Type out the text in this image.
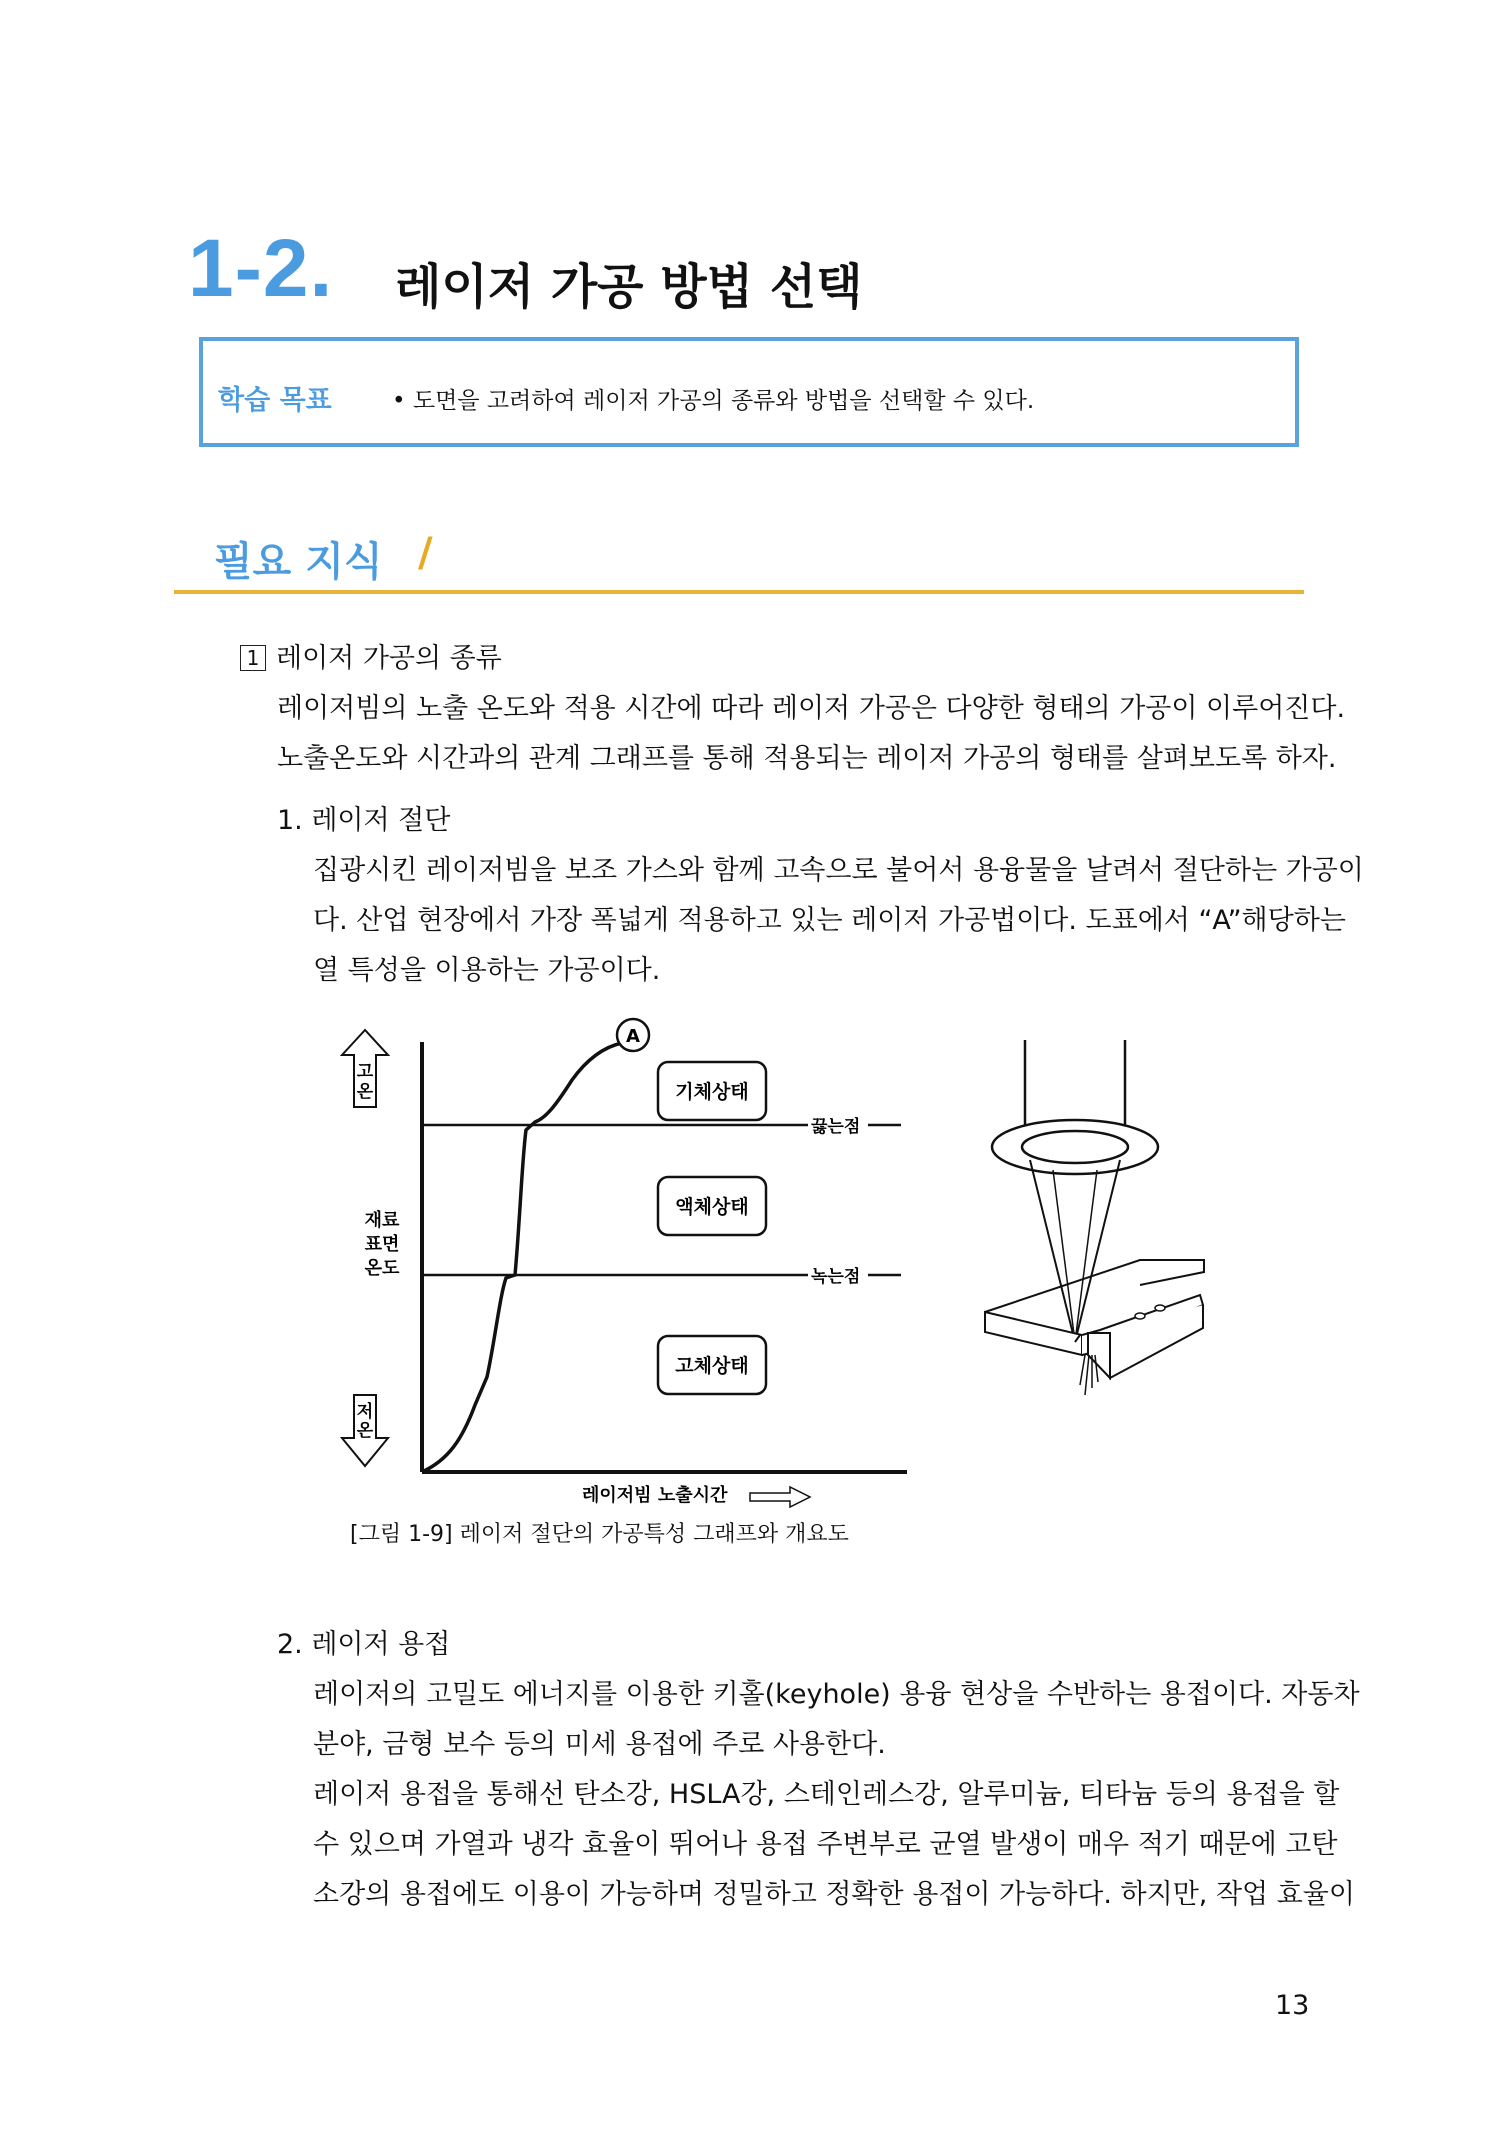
1-2. 레이저 가공 방법 선택
학습 목표	• 도면을 고려하여 레이저 가공의 종류와 방법을 선택할 수 있다.
필요 지식 /
1 레이저 가공의 종류
레이저빔의 노출 온도와 적용 시간에 따라 레이저 가공은 다양한 형태의 가공이 이루어진다.
노출온도와 시간과의 관계 그래프를 통해 적용되는 레이저 가공의 형태를 살펴보도록 하자.
1. 레이저 절단
집광시킨 레이저빔을 보조 가스와 함께 고속으로 불어서 용융물을 날려서 절단하는 가공이
다. 산업 현장에서 가장 폭넓게 적용하고 있는 레이저 가공법이다. 도표에서 “A”해당하는
열 특성을 이용하는 가공이다.
끓는점
녹는점
A
기체상태
액체상태
고체상태
고
온
저
온
재료
표면
온도
레이저빔 노출시간
[그림 1-9] 레이저 절단의 가공특성 그래프와 개요도
2. 레이저 용접
레이저의 고밀도 에너지를 이용한 키홀(keyhole) 용융 현상을 수반하는 용접이다. 자동차
분야, 금형 보수 등의 미세 용접에 주로 사용한다.
레이저 용접을 통해선 탄소강, HSLA강, 스테인레스강, 알루미늄, 티타늄 등의 용접을 할
수 있으며 가열과 냉각 효율이 뛰어나 용접 주변부로 균열 발생이 매우 적기 때문에 고탄
소강의 용접에도 이용이 가능하며 정밀하고 정확한 용접이 가능하다. 하지만, 작업 효율이
13
